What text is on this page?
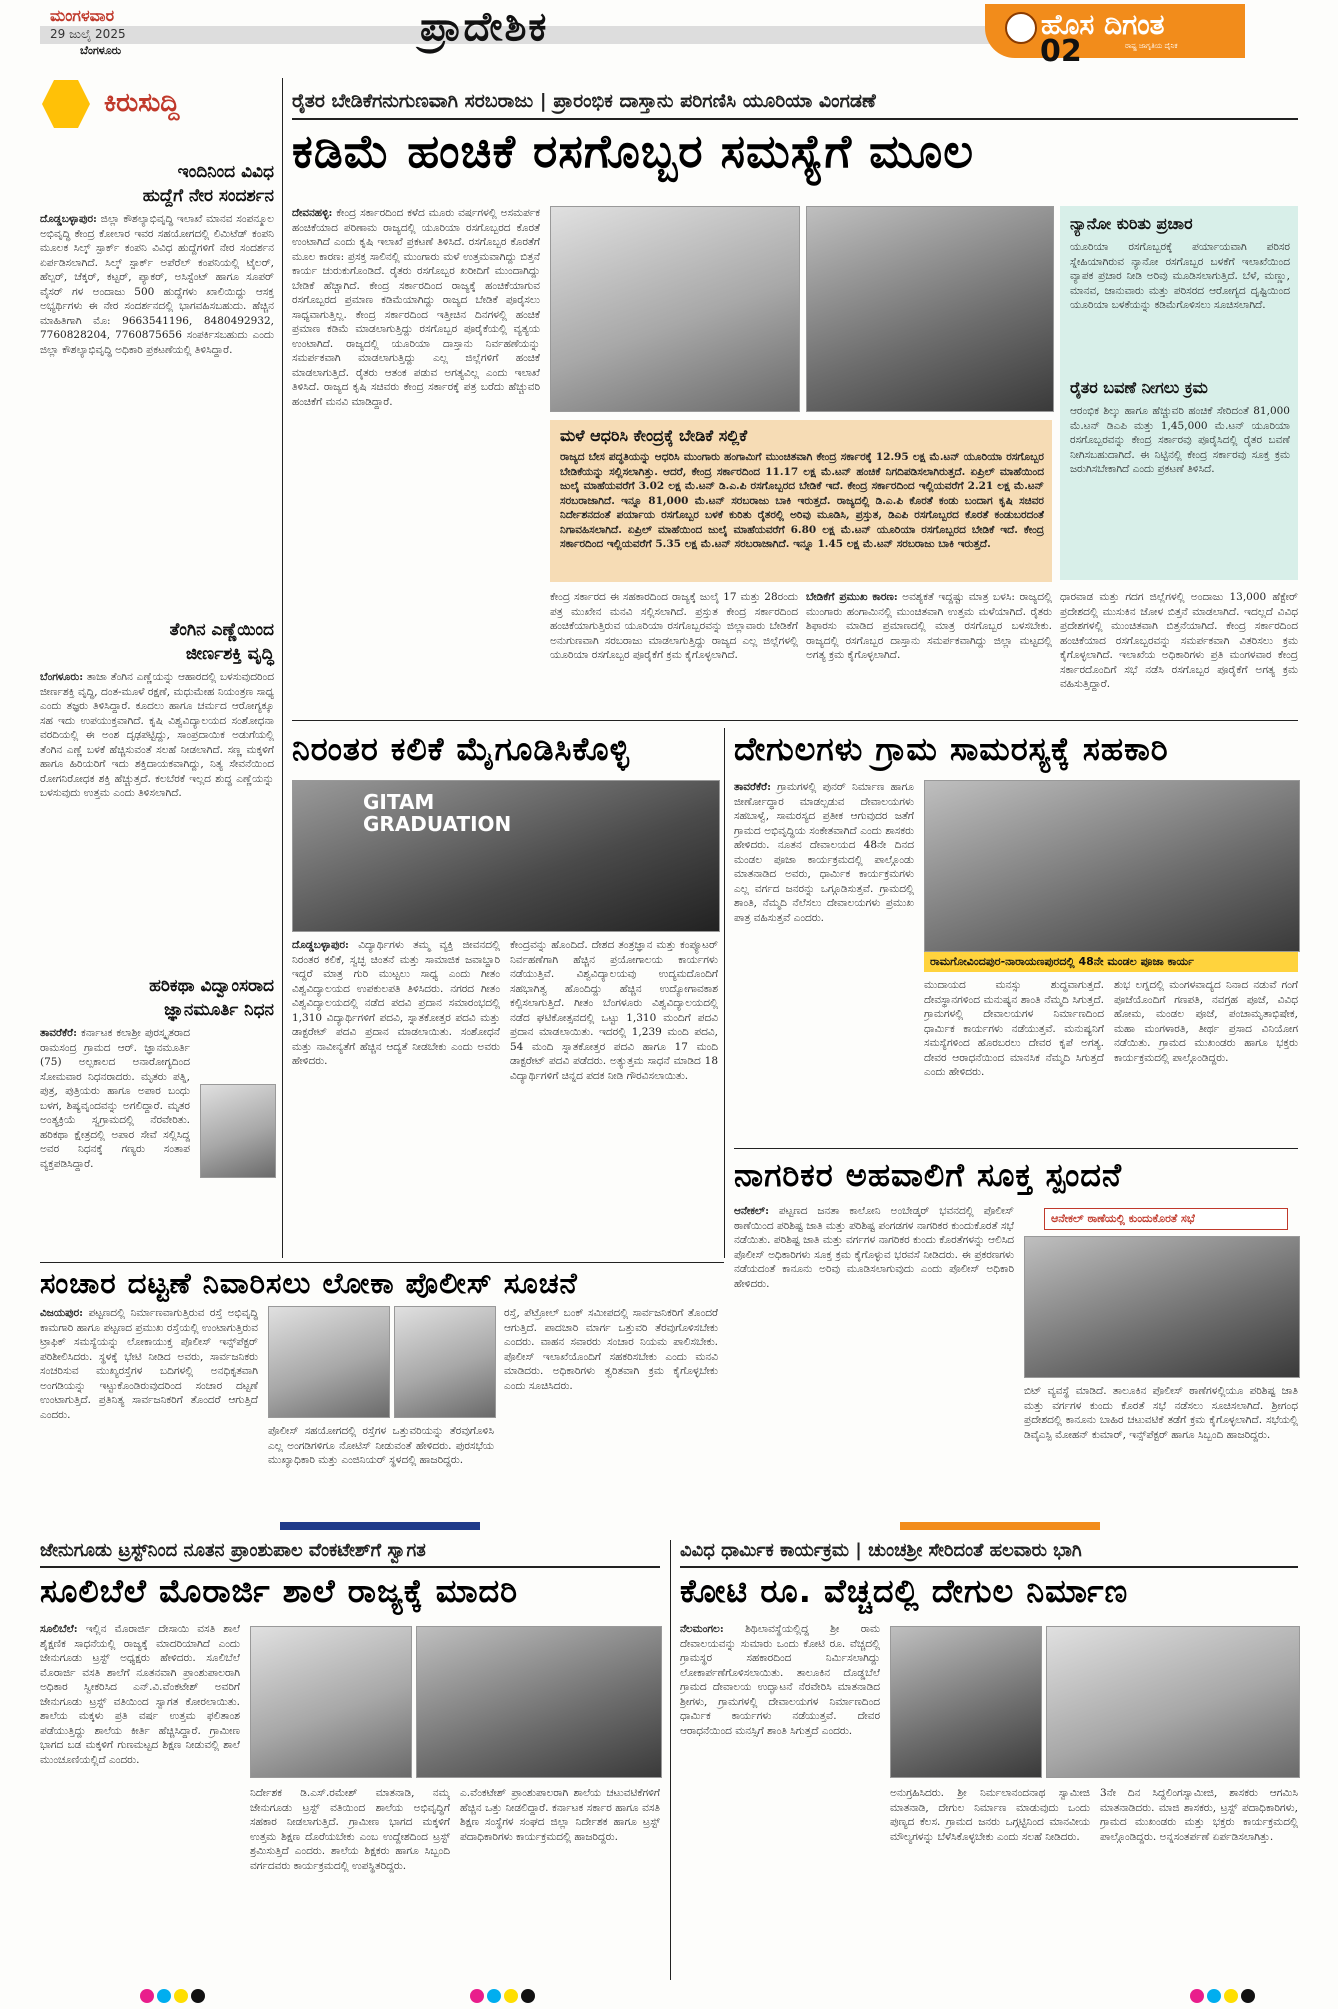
ಮಂಗಳವಾರ
29 ಜುಲೈ 2025
ಬೆಂಗಳೂರು
ಪ್ರಾದೇಶಿಕ	ಹೊಸ ದಿಗಂತ
ರಾಷ್ಟ್ರ ಜಾಗೃತಿಯ ದೈನಿಕ
02
ಕಿರುಸುದ್ದಿ
ಇಂದಿನಿಂದ ವಿವಿಧ
ಹುದ್ದೆಗೆ ನೇರ ಸಂದರ್ಶನ
ದೊಡ್ಡಬಳ್ಳಾಪುರ: ಜಿಲ್ಲಾ ಕೌಶಲ್ಯಾಭಿವೃದ್ಧಿ ಇಲಾಖೆ ಮಾನವ ಸಂಪನ್ಮೂಲ ಅಭಿವೃದ್ಧಿ ಕೇಂದ್ರ ಕೋಲಾರ ಇವರ ಸಹಯೋಗದಲ್ಲಿ ಲಿಮಿಟೆಡ್ ಕಂಪನಿ ಮೂಲಕ ಸಿಲ್ಕ್ ಸ್ಪಾರ್ಕ್ ಕಂಪನಿ ವಿವಿಧ ಹುದ್ದೆಗಳಿಗೆ ನೇರ ಸಂದರ್ಶನ ಏರ್ಪಡಿಸಲಾಗಿದೆ. ಸಿಲ್ಕ್ ಸ್ಪಾರ್ಕ್ ಅಪೆರೆಲ್ ಕಂಪನಿಯಲ್ಲಿ ಟೈಲರ್, ಹೆಲ್ಪರ್, ಚೆಕ್ಕರ್, ಕಟ್ಟರ್, ಪ್ಯಾಕರ್, ಅಸಿಸ್ಟೆಂಟ್ ಹಾಗೂ ಸೂಪರ್ ವೈಸರ್ ಗಳ ಅಂದಾಜು 500 ಹುದ್ದೆಗಳು ಖಾಲಿಯಿದ್ದು ಆಸಕ್ತ ಅಭ್ಯರ್ಥಿಗಳು ಈ ನೇರ ಸಂದರ್ಶನದಲ್ಲಿ ಭಾಗವಹಿಸಬಹುದು. ಹೆಚ್ಚಿನ ಮಾಹಿತಿಗಾಗಿ ಮೊ: 9663541196, 8480492932, 7760828204, 7760875656 ಸಂಪರ್ಕಿಸಬಹುದು ಎಂದು ಜಿಲ್ಲಾ ಕೌಶಲ್ಯಾಭಿವೃದ್ಧಿ ಅಧಿಕಾರಿ ಪ್ರಕಟಣೆಯಲ್ಲಿ ತಿಳಿಸಿದ್ದಾರೆ.
ತೆಂಗಿನ ಎಣ್ಣೆಯಿಂದ
ಜೀರ್ಣಶಕ್ತಿ ವೃದ್ಧಿ
ಬೆಂಗಳೂರು: ತಾಜಾ ತೆಂಗಿನ ಎಣ್ಣೆಯನ್ನು ಆಹಾರದಲ್ಲಿ ಬಳಸುವುದರಿಂದ ಜೀರ್ಣಶಕ್ತಿ ವೃದ್ಧಿ, ದಂತ-ಮೂಳೆ ರಕ್ಷಣೆ, ಮಧುಮೇಹ ನಿಯಂತ್ರಣ ಸಾಧ್ಯ ಎಂದು ತಜ್ಞರು ತಿಳಿಸಿದ್ದಾರೆ. ಕೂದಲು ಹಾಗೂ ಚರ್ಮದ ಆರೋಗ್ಯಕ್ಕೂ ಸಹ ಇದು ಉಪಯುಕ್ತವಾಗಿದೆ. ಕೃಷಿ ವಿಶ್ವವಿದ್ಯಾಲಯದ ಸಂಶೋಧನಾ ವರದಿಯಲ್ಲಿ ಈ ಅಂಶ ದೃಢಪಟ್ಟಿದ್ದು, ಸಾಂಪ್ರದಾಯಿಕ ಅಡುಗೆಯಲ್ಲಿ ತೆಂಗಿನ ಎಣ್ಣೆ ಬಳಕೆ ಹೆಚ್ಚಿಸುವಂತೆ ಸಲಹೆ ನೀಡಲಾಗಿದೆ. ಸಣ್ಣ ಮಕ್ಕಳಿಗೆ ಹಾಗೂ ಹಿರಿಯರಿಗೆ ಇದು ಶಕ್ತಿದಾಯಕವಾಗಿದ್ದು, ನಿತ್ಯ ಸೇವನೆಯಿಂದ ರೋಗನಿರೋಧಕ ಶಕ್ತಿ ಹೆಚ್ಚುತ್ತದೆ. ಕಲಬೆರಕೆ ಇಲ್ಲದ ಶುದ್ಧ ಎಣ್ಣೆಯನ್ನು ಬಳಸುವುದು ಉತ್ತಮ ಎಂದು ತಿಳಿಸಲಾಗಿದೆ.
ಹರಿಕಥಾ ವಿದ್ವಾಂಸರಾದ
ಜ್ಞಾನಮೂರ್ತಿ ನಿಧನ
ತಾವರೆಕೆರೆ: ಕರ್ನಾಟಕ ಕಲಾಶ್ರೀ ಪುರಸ್ಕೃತರಾದ ರಾಮಸಂದ್ರ ಗ್ರಾಮದ ಆರ್. ಜ್ಞಾನಮೂರ್ತಿ (75) ಅಲ್ಪಕಾಲದ ಅನಾರೋಗ್ಯದಿಂದ ಸೋಮವಾರ ನಿಧನರಾದರು. ಮೃತರು ಪತ್ನಿ, ಪುತ್ರ, ಪುತ್ರಿಯರು ಹಾಗೂ ಅಪಾರ ಬಂಧು ಬಳಗ, ಶಿಷ್ಯವೃಂದವನ್ನು ಅಗಲಿದ್ದಾರೆ. ಮೃತರ ಅಂತ್ಯಕ್ರಿಯೆ ಸ್ವಗ್ರಾಮದಲ್ಲಿ ನೆರವೇರಿತು. ಹರಿಕಥಾ ಕ್ಷೇತ್ರದಲ್ಲಿ ಅಪಾರ ಸೇವೆ ಸಲ್ಲಿಸಿದ್ದ ಅವರ ನಿಧನಕ್ಕೆ ಗಣ್ಯರು ಸಂತಾಪ ವ್ಯಕ್ತಪಡಿಸಿದ್ದಾರೆ.
ರೈತರ ಬೇಡಿಕೆಗನುಗುಣವಾಗಿ ಸರಬರಾಜು | ಪ್ರಾರಂಭಿಕ ದಾಸ್ತಾನು ಪರಿಗಣಿಸಿ ಯೂರಿಯಾ ವಿಂಗಡಣೆ
ಕಡಿಮೆ ಹಂಚಿಕೆ ರಸಗೊಬ್ಬರ ಸಮಸ್ಯೆಗೆ ಮೂಲ
ದೇವನಹಳ್ಳಿ: ಕೇಂದ್ರ ಸರ್ಕಾರದಿಂದ ಕಳೆದ ಮೂರು ವರ್ಷಗಳಲ್ಲಿ ಅಸಮರ್ಪಕ ಹಂಚಿಕೆಯಾದ ಪರಿಣಾಮ ರಾಜ್ಯದಲ್ಲಿ ಯೂರಿಯಾ ರಸಗೊಬ್ಬರದ ಕೊರತೆ ಉಂಟಾಗಿದೆ ಎಂದು ಕೃಷಿ ಇಲಾಖೆ ಪ್ರಕಟಣೆ ತಿಳಿಸಿದೆ. ರಸಗೊಬ್ಬರ ಕೊರತೆಗೆ ಮೂಲ ಕಾರಣ: ಪ್ರಸಕ್ತ ಸಾಲಿನಲ್ಲಿ ಮುಂಗಾರು ಮಳೆ ಉತ್ತಮವಾಗಿದ್ದು ಬಿತ್ತನೆ ಕಾರ್ಯ ಚುರುಕುಗೊಂಡಿದೆ. ರೈತರು ರಸಗೊಬ್ಬರ ಖರೀದಿಗೆ ಮುಂದಾಗಿದ್ದು ಬೇಡಿಕೆ ಹೆಚ್ಚಾಗಿದೆ. ಕೇಂದ್ರ ಸರ್ಕಾರದಿಂದ ರಾಜ್ಯಕ್ಕೆ ಹಂಚಿಕೆಯಾಗುವ ರಸಗೊಬ್ಬರದ ಪ್ರಮಾಣ ಕಡಿಮೆಯಾಗಿದ್ದು ರಾಜ್ಯದ ಬೇಡಿಕೆ ಪೂರೈಸಲು ಸಾಧ್ಯವಾಗುತ್ತಿಲ್ಲ. ಕೇಂದ್ರ ಸರ್ಕಾರದಿಂದ ಇತ್ತೀಚಿನ ದಿನಗಳಲ್ಲಿ ಹಂಚಿಕೆ ಪ್ರಮಾಣ ಕಡಿಮೆ ಮಾಡಲಾಗುತ್ತಿದ್ದು ರಸಗೊಬ್ಬರ ಪೂರೈಕೆಯಲ್ಲಿ ವ್ಯತ್ಯಯ ಉಂಟಾಗಿದೆ. ರಾಜ್ಯದಲ್ಲಿ ಯೂರಿಯಾ ದಾಸ್ತಾನು ನಿರ್ವಹಣೆಯನ್ನು ಸಮರ್ಪಕವಾಗಿ ಮಾಡಲಾಗುತ್ತಿದ್ದು ಎಲ್ಲ ಜಿಲ್ಲೆಗಳಿಗೆ ಹಂಚಿಕೆ ಮಾಡಲಾಗುತ್ತಿದೆ. ರೈತರು ಆತಂಕ ಪಡುವ ಅಗತ್ಯವಿಲ್ಲ ಎಂದು ಇಲಾಖೆ ತಿಳಿಸಿದೆ. ರಾಜ್ಯದ ಕೃಷಿ ಸಚಿವರು ಕೇಂದ್ರ ಸರ್ಕಾರಕ್ಕೆ ಪತ್ರ ಬರೆದು ಹೆಚ್ಚುವರಿ ಹಂಚಿಕೆಗೆ ಮನವಿ ಮಾಡಿದ್ದಾರೆ.
ನ್ಯಾನೋ ಕುರಿತು ಪ್ರಚಾರ
ಯೂರಿಯಾ ರಸಗೊಬ್ಬರಕ್ಕೆ ಪರ್ಯಾಯವಾಗಿ ಪರಿಸರ ಸ್ನೇಹಿಯಾಗಿರುವ ನ್ಯಾನೋ ರಸಗೊಬ್ಬರ ಬಳಕೆಗೆ ಇಲಾಖೆಯಿಂದ ವ್ಯಾಪಕ ಪ್ರಚಾರ ನೀಡಿ ಅರಿವು ಮೂಡಿಸಲಾಗುತ್ತಿದೆ. ಬೆಳೆ, ಮಣ್ಣು, ಮಾನವ, ಜಾನುವಾರು ಮತ್ತು ಪರಿಸರದ ಆರೋಗ್ಯದ ದೃಷ್ಟಿಯಿಂದ ಯೂರಿಯಾ ಬಳಕೆಯನ್ನು ಕಡಿಮೆಗೊಳಿಸಲು ಸೂಚಿಸಲಾಗಿದೆ.
ರೈತರ ಬವಣೆ ನೀಗಲು ಕ್ರಮ
ಆರಂಭಿಕ ಶಿಲ್ಕು ಹಾಗೂ ಹೆಚ್ಚುವರಿ ಹಂಚಿಕೆ ಸೇರಿದಂತೆ 81,000 ಮೆ.ಟನ್ ಡಿಎಪಿ ಮತ್ತು 1,45,000 ಮೆ.ಟನ್ ಯೂರಿಯಾ ರಸಗೊಬ್ಬರವನ್ನು ಕೇಂದ್ರ ಸರ್ಕಾರವು ಪೂರೈಸಿದಲ್ಲಿ ರೈತರ ಬವಣೆ ನೀಗಿಸಬಹುದಾಗಿದೆ. ಈ ನಿಟ್ಟಿನಲ್ಲಿ ಕೇಂದ್ರ ಸರ್ಕಾರವು ಸೂಕ್ತ ಕ್ರಮ ಜರುಗಿಸಬೇಕಾಗಿದೆ ಎಂದು ಪ್ರಕಟಣೆ ತಿಳಿಸಿದೆ.
ಮಳೆ ಆಧರಿಸಿ ಕೇಂದ್ರಕ್ಕೆ ಬೇಡಿಕೆ ಸಲ್ಲಿಕೆ
ರಾಜ್ಯದ ಬೇಸ ಪದ್ಧತಿಯನ್ನು ಆಧರಿಸಿ ಮುಂಗಾರು ಹಂಗಾಮಿಗೆ ಮುಂಚಿತವಾಗಿ ಕೇಂದ್ರ ಸರ್ಕಾರಕ್ಕೆ 12.95 ಲಕ್ಷ ಮೆ.ಟನ್ ಯೂರಿಯಾ ರಸಗೊಬ್ಬರ ಬೇಡಿಕೆಯನ್ನು ಸಲ್ಲಿಸಲಾಗಿತ್ತು. ಆದರೆ, ಕೇಂದ್ರ ಸರ್ಕಾರದಿಂದ 11.17 ಲಕ್ಷ ಮೆ.ಟನ್ ಹಂಚಿಕೆ ನಿಗದಿಪಡಿಸಲಾಗಿರುತ್ತದೆ. ಏಪ್ರಿಲ್ ಮಾಹೆಯಿಂದ ಜುಲೈ ಮಾಹೆಯವರೆಗೆ 3.02 ಲಕ್ಷ ಮೆ.ಟನ್ ಡಿ.ಎ.ಪಿ ರಸಗೊಬ್ಬರದ ಬೇಡಿಕೆ ಇದೆ. ಕೇಂದ್ರ ಸರ್ಕಾರದಿಂದ ಇಲ್ಲಿಯವರೆಗೆ 2.21 ಲಕ್ಷ ಮೆ.ಟನ್ ಸರಬರಾಜಾಗಿದೆ. ಇನ್ನೂ 81,000 ಮೆ.ಟನ್ ಸರಬರಾಜು ಬಾಕಿ ಇರುತ್ತದೆ. ರಾಜ್ಯದಲ್ಲಿ ಡಿ.ಎ.ಪಿ ಕೊರತೆ ಕಂಡು ಬಂದಾಗ ಕೃಷಿ ಸಚಿವರ ನಿರ್ದೇಶನದಂತೆ ಪರ್ಯಾಯ ರಸಗೊಬ್ಬರ ಬಳಕೆ ಕುರಿತು ರೈತರಲ್ಲಿ ಅರಿವು ಮೂಡಿಸಿ, ಪ್ರಸ್ತುತ, ಡಿಎಪಿ ರಸಗೊಬ್ಬರದ ಕೊರತೆ ಕಂಡುಬರದಂತೆ ನಿಗಾವಹಿಸಲಾಗಿದೆ. ಏಪ್ರಿಲ್ ಮಾಹೆಯಿಂದ ಜುಲೈ ಮಾಹೆಯವರೆಗೆ 6.80 ಲಕ್ಷ ಮೆ.ಟನ್ ಯೂರಿಯಾ ರಸಗೊಬ್ಬರದ ಬೇಡಿಕೆ ಇದೆ. ಕೇಂದ್ರ ಸರ್ಕಾರದಿಂದ ಇಲ್ಲಿಯವರೆಗೆ 5.35 ಲಕ್ಷ ಮೆ.ಟನ್ ಸರಬರಾಜಾಗಿದೆ. ಇನ್ನೂ 1.45 ಲಕ್ಷ ಮೆ.ಟನ್ ಸರಬರಾಜು ಬಾಕಿ ಇರುತ್ತದೆ.
ಕೇಂದ್ರ ಸರ್ಕಾರದ ಈ ಸಹಕಾರದಿಂದ ರಾಜ್ಯಕ್ಕೆ ಜುಲೈ 17 ಮತ್ತು 28ರಂದು ಪತ್ರ ಮುಖೇನ ಮನವಿ ಸಲ್ಲಿಸಲಾಗಿದೆ. ಪ್ರಸ್ತುತ ಕೇಂದ್ರ ಸರ್ಕಾರದಿಂದ ಹಂಚಿಕೆಯಾಗುತ್ತಿರುವ ಯೂರಿಯಾ ರಸಗೊಬ್ಬರವನ್ನು ಜಿಲ್ಲಾವಾರು ಬೇಡಿಕೆಗೆ ಅನುಗುಣವಾಗಿ ಸರಬರಾಜು ಮಾಡಲಾಗುತ್ತಿದ್ದು ರಾಜ್ಯದ ಎಲ್ಲ ಜಿಲ್ಲೆಗಳಲ್ಲಿ ಯೂರಿಯಾ ರಸಗೊಬ್ಬರ ಪೂರೈಕೆಗೆ ಕ್ರಮ ಕೈಗೊಳ್ಳಲಾಗಿದೆ.
ಬೇಡಿಕೆಗೆ ಪ್ರಮುಖ ಕಾರಣ: ಅವಶ್ಯಕತೆ ಇದ್ದಷ್ಟು ಮಾತ್ರ ಬಳಸಿ: ರಾಜ್ಯದಲ್ಲಿ ಮುಂಗಾರು ಹಂಗಾಮಿನಲ್ಲಿ ಮುಂಚಿತವಾಗಿ ಉತ್ತಮ ಮಳೆಯಾಗಿದೆ. ರೈತರು ಶಿಫಾರಸು ಮಾಡಿದ ಪ್ರಮಾಣದಲ್ಲಿ ಮಾತ್ರ ರಸಗೊಬ್ಬರ ಬಳಸಬೇಕು. ರಾಜ್ಯದಲ್ಲಿ ರಸಗೊಬ್ಬರ ದಾಸ್ತಾನು ಸಮರ್ಪಕವಾಗಿದ್ದು ಜಿಲ್ಲಾ ಮಟ್ಟದಲ್ಲಿ ಅಗತ್ಯ ಕ್ರಮ ಕೈಗೊಳ್ಳಲಾಗಿದೆ.
ಧಾರವಾಡ ಮತ್ತು ಗದಗ ಜಿಲ್ಲೆಗಳಲ್ಲಿ ಅಂದಾಜು 13,000 ಹೆಕ್ಟೇರ್ ಪ್ರದೇಶದಲ್ಲಿ ಮುಸುಕಿನ ಜೋಳ ಬಿತ್ತನೆ ಮಾಡಲಾಗಿದೆ. ಇದಲ್ಲದೆ ವಿವಿಧ ಪ್ರದೇಶಗಳಲ್ಲಿ ಮುಂಚಿತವಾಗಿ ಬಿತ್ತನೆಯಾಗಿದೆ. ಕೇಂದ್ರ ಸರ್ಕಾರದಿಂದ ಹಂಚಿಕೆಯಾದ ರಸಗೊಬ್ಬರವನ್ನು ಸಮರ್ಪಕವಾಗಿ ವಿತರಿಸಲು ಕ್ರಮ ಕೈಗೊಳ್ಳಲಾಗಿದೆ. ಇಲಾಖೆಯ ಅಧಿಕಾರಿಗಳು ಪ್ರತಿ ಮಂಗಳವಾರ ಕೇಂದ್ರ ಸರ್ಕಾರದೊಂದಿಗೆ ಸಭೆ ನಡೆಸಿ ರಸಗೊಬ್ಬರ ಪೂರೈಕೆಗೆ ಅಗತ್ಯ ಕ್ರಮ ವಹಿಸುತ್ತಿದ್ದಾರೆ.
ನಿರಂತರ ಕಲಿಕೆ ಮೈಗೂಡಿಸಿಕೊಳ್ಳಿ
GITAM GRADUATION
ದೊಡ್ಡಬಳ್ಳಾಪುರ: ವಿದ್ಯಾರ್ಥಿಗಳು ತಮ್ಮ ವ್ಯಕ್ತಿ ಜೀವನದಲ್ಲಿ ನಿರಂತರ ಕಲಿಕೆ, ಸ್ವಚ್ಛ ಚಿಂತನೆ ಮತ್ತು ಸಾಮಾಜಿಕ ಜವಾಬ್ದಾರಿ ಇದ್ದರೆ ಮಾತ್ರ ಗುರಿ ಮುಟ್ಟಲು ಸಾಧ್ಯ ಎಂದು ಗೀತಂ ವಿಶ್ವವಿದ್ಯಾಲಯದ ಉಪಕುಲಪತಿ ತಿಳಿಸಿದರು. ನಗರದ ಗೀತಂ ವಿಶ್ವವಿದ್ಯಾಲಯದಲ್ಲಿ ನಡೆದ ಪದವಿ ಪ್ರದಾನ ಸಮಾರಂಭದಲ್ಲಿ 1,310 ವಿದ್ಯಾರ್ಥಿಗಳಿಗೆ ಪದವಿ, ಸ್ನಾತಕೋತ್ತರ ಪದವಿ ಮತ್ತು ಡಾಕ್ಟರೇಟ್ ಪದವಿ ಪ್ರದಾನ ಮಾಡಲಾಯಿತು. ಸಂಶೋಧನೆ ಮತ್ತು ನಾವೀನ್ಯತೆಗೆ ಹೆಚ್ಚಿನ ಆದ್ಯತೆ ನೀಡಬೇಕು ಎಂದು ಅವರು ಹೇಳಿದರು.
ಕೇಂದ್ರವನ್ನು ಹೊಂದಿದೆ. ದೇಶದ ತಂತ್ರಜ್ಞಾನ ಮತ್ತು ಕಂಪ್ಯೂಟರ್ ನಿರ್ವಹಣೆಗಾಗಿ ಹೆಚ್ಚಿನ ಪ್ರಯೋಗಾಲಯ ಕಾರ್ಯಗಳು ನಡೆಯುತ್ತಿವೆ. ವಿಶ್ವವಿದ್ಯಾಲಯವು ಉದ್ಯಮದೊಂದಿಗೆ ಸಹಭಾಗಿತ್ವ ಹೊಂದಿದ್ದು ಹೆಚ್ಚಿನ ಉದ್ಯೋಗಾವಕಾಶ ಕಲ್ಪಿಸಲಾಗುತ್ತಿದೆ. ಗೀತಂ ಬೆಂಗಳೂರು ವಿಶ್ವವಿದ್ಯಾಲಯದಲ್ಲಿ ನಡೆದ ಘಟಿಕೋತ್ಸವದಲ್ಲಿ ಒಟ್ಟು 1,310 ಮಂದಿಗೆ ಪದವಿ ಪ್ರದಾನ ಮಾಡಲಾಯಿತು. ಇದರಲ್ಲಿ 1,239 ಮಂದಿ ಪದವಿ, 54 ಮಂದಿ ಸ್ನಾತಕೋತ್ತರ ಪದವಿ ಹಾಗೂ 17 ಮಂದಿ ಡಾಕ್ಟರೇಟ್ ಪದವಿ ಪಡೆದರು. ಅತ್ಯುತ್ತಮ ಸಾಧನೆ ಮಾಡಿದ 18 ವಿದ್ಯಾರ್ಥಿಗಳಿಗೆ ಚಿನ್ನದ ಪದಕ ನೀಡಿ ಗೌರವಿಸಲಾಯಿತು.
ದೇಗುಲಗಳು ಗ್ರಾಮ ಸಾಮರಸ್ಯಕ್ಕೆ ಸಹಕಾರಿ
ತಾವರೆಕೆರೆ: ಗ್ರಾಮಗಳಲ್ಲಿ ಪುನರ್ ನಿರ್ಮಾಣ ಹಾಗೂ ಜೀರ್ಣೋದ್ಧಾರ ಮಾಡಲ್ಪಡುವ ದೇವಾಲಯಗಳು ಸಹಬಾಳ್ವೆ, ಸಾಮರಸ್ಯದ ಪ್ರತೀಕ ಆಗುವುದರ ಜತೆಗೆ ಗ್ರಾಮದ ಅಭಿವೃದ್ಧಿಯ ಸಂಕೇತವಾಗಿದೆ ಎಂದು ಶಾಸಕರು ಹೇಳಿದರು. ನೂತನ ದೇವಾಲಯದ 48ನೇ ದಿನದ ಮಂಡಲ ಪೂಜಾ ಕಾರ್ಯಕ್ರಮದಲ್ಲಿ ಪಾಲ್ಗೊಂಡು ಮಾತನಾಡಿದ ಅವರು, ಧಾರ್ಮಿಕ ಕಾರ್ಯಕ್ರಮಗಳು ಎಲ್ಲ ವರ್ಗದ ಜನರನ್ನು ಒಗ್ಗೂಡಿಸುತ್ತವೆ. ಗ್ರಾಮದಲ್ಲಿ ಶಾಂತಿ, ನೆಮ್ಮದಿ ನೆಲೆಸಲು ದೇವಾಲಯಗಳು ಪ್ರಮುಖ ಪಾತ್ರ ವಹಿಸುತ್ತವೆ ಎಂದರು.
ರಾಮಗೋವಿಂದಪುರ-ನಾರಾಯಣಪುರದಲ್ಲಿ 48ನೇ ಮಂಡಲ ಪೂಜಾ ಕಾರ್ಯ
ಮುದಾಯದ ಮನಸ್ಸು ಶುದ್ಧವಾಗುತ್ತದೆ. ದೇವಸ್ಥಾನಗಳಿಂದ ಮನುಷ್ಯನ ಶಾಂತಿ ನೆಮ್ಮದಿ ಸಿಗುತ್ತದೆ. ಗ್ರಾಮಗಳಲ್ಲಿ ದೇವಾಲಯಗಳ ನಿರ್ಮಾಣದಿಂದ ಧಾರ್ಮಿಕ ಕಾರ್ಯಗಳು ನಡೆಯುತ್ತವೆ. ಮನುಷ್ಯನಿಗೆ ಸಮಸ್ಯೆಗಳಿಂದ ಹೊರಬರಲು ದೇವರ ಕೃಪೆ ಅಗತ್ಯ. ದೇವರ ಆರಾಧನೆಯಿಂದ ಮಾನಸಿಕ ನೆಮ್ಮದಿ ಸಿಗುತ್ತದೆ ಎಂದು ಹೇಳಿದರು.
ಶುಭ ಲಗ್ನದಲ್ಲಿ ಮಂಗಳವಾದ್ಯದ ನಿನಾದ ನಡುವೆ ಗಂಗೆ ಪೂಜೆಯೊಂದಿಗೆ ಗಣಪತಿ, ನವಗ್ರಹ ಪೂಜೆ, ವಿವಿಧ ಹೋಮ, ಮಂಡಲ ಪೂಜೆ, ಪಂಚಾಮೃತಾಭಿಷೇಕ, ಮಹಾ ಮಂಗಳಾರತಿ, ತೀರ್ಥ ಪ್ರಸಾದ ವಿನಿಯೋಗ ನಡೆಯಿತು. ಗ್ರಾಮದ ಮುಖಂಡರು ಹಾಗೂ ಭಕ್ತರು ಕಾರ್ಯಕ್ರಮದಲ್ಲಿ ಪಾಲ್ಗೊಂಡಿದ್ದರು.
ನಾಗರಿಕರ ಅಹವಾಲಿಗೆ ಸೂಕ್ತ ಸ್ಪಂದನೆ
ಆನೇಕಲ್: ಪಟ್ಟಣದ ಜನತಾ ಕಾಲೋನಿ ಅಂಬೇಡ್ಕರ್ ಭವನದಲ್ಲಿ ಪೊಲೀಸ್ ಠಾಣೆಯಿಂದ ಪರಿಶಿಷ್ಟ ಜಾತಿ ಮತ್ತು ಪರಿಶಿಷ್ಟ ಪಂಗಡಗಳ ನಾಗರಿಕರ ಕುಂದುಕೊರತೆ ಸಭೆ ನಡೆಯಿತು. ಪರಿಶಿಷ್ಟ ಜಾತಿ ಮತ್ತು ವರ್ಗಗಳ ನಾಗರಿಕರ ಕುಂದು ಕೊರತೆಗಳನ್ನು ಆಲಿಸಿದ ಪೊಲೀಸ್ ಅಧಿಕಾರಿಗಳು ಸೂಕ್ತ ಕ್ರಮ ಕೈಗೊಳ್ಳುವ ಭರವಸೆ ನೀಡಿದರು. ಈ ಪ್ರಕರಣಗಳು ನಡೆಯದಂತೆ ಕಾನೂನು ಅರಿವು ಮೂಡಿಸಲಾಗುವುದು ಎಂದು ಪೊಲೀಸ್ ಅಧಿಕಾರಿ ಹೇಳಿದರು.
ಆನೇಕಲ್ ಠಾಣೆಯಲ್ಲಿ ಕುಂದುಕೊರತೆ ಸಭೆ
ಬಿಟ್ ವ್ಯವಸ್ಥೆ ಮಾಡಿದೆ. ತಾಲೂಕಿನ ಪೊಲೀಸ್ ಠಾಣೆಗಳಲ್ಲಿಯೂ ಪರಿಶಿಷ್ಟ ಜಾತಿ ಮತ್ತು ವರ್ಗಗಳ ಕುಂದು ಕೊರತೆ ಸಭೆ ನಡೆಸಲು ಸೂಚಿಸಲಾಗಿದೆ. ಶ್ರೀಗಂಧ ಪ್ರದೇಶದಲ್ಲಿ ಕಾನೂನು ಬಾಹಿರ ಚಟುವಟಿಕೆ ತಡೆಗೆ ಕ್ರಮ ಕೈಗೊಳ್ಳಲಾಗಿದೆ. ಸಭೆಯಲ್ಲಿ ಡಿವೈಎಸ್ಪಿ ಮೋಹನ್ ಕುಮಾರ್, ಇನ್ಸ್‌ಪೆಕ್ಟರ್ ಹಾಗೂ ಸಿಬ್ಬಂದಿ ಹಾಜರಿದ್ದರು.
ಸಂಚಾರ ದಟ್ಟಣೆ ನಿವಾರಿಸಲು ಲೋಕಾ ಪೊಲೀಸ್ ಸೂಚನೆ
ವಿಜಯಪುರ: ಪಟ್ಟಣದಲ್ಲಿ ನಿರ್ಮಾಣವಾಗುತ್ತಿರುವ ರಸ್ತೆ ಅಭಿವೃದ್ಧಿ ಕಾಮಗಾರಿ ಹಾಗೂ ಪಟ್ಟಣದ ಪ್ರಮುಖ ರಸ್ತೆಯಲ್ಲಿ ಉಂಟಾಗುತ್ತಿರುವ ಟ್ರಾಫಿಕ್ ಸಮಸ್ಯೆಯನ್ನು ಲೋಕಾಯುಕ್ತ ಪೊಲೀಸ್ ಇನ್ಸ್‌ಪೆಕ್ಟರ್ ಪರಿಶೀಲಿಸಿದರು. ಸ್ಥಳಕ್ಕೆ ಭೇಟಿ ನೀಡಿದ ಅವರು, ಸಾರ್ವಜನಿಕರು ಸಂಚರಿಸುವ ಮುಖ್ಯರಸ್ತೆಗಳ ಬದಿಗಳಲ್ಲಿ ಅನಧಿಕೃತವಾಗಿ ಅಂಗಡಿಯನ್ನು ಇಟ್ಟುಕೊಂಡಿರುವುದರಿಂದ ಸಂಚಾರ ದಟ್ಟಣೆ ಉಂಟಾಗುತ್ತಿದೆ. ಪ್ರತಿನಿತ್ಯ ಸಾರ್ವಜನಿಕರಿಗೆ ತೊಂದರೆ ಆಗುತ್ತಿದೆ ಎಂದರು.
ಪೊಲೀಸ್ ಸಹಯೋಗದಲ್ಲಿ ರಸ್ತೆಗಳ ಒತ್ತುವರಿಯನ್ನು ತೆರವುಗೊಳಿಸಿ ಎಲ್ಲ ಅಂಗಡಿಗಳಿಗೂ ನೋಟಿಸ್ ನೀಡುವಂತೆ ಹೇಳಿದರು. ಪುರಸಭೆಯ ಮುಖ್ಯಾಧಿಕಾರಿ ಮತ್ತು ಎಂಜಿನಿಯರ್ ಸ್ಥಳದಲ್ಲಿ ಹಾಜರಿದ್ದರು.
ರಸ್ತೆ, ಪೆಟ್ರೋಲ್ ಬಂಕ್ ಸಮೀಪದಲ್ಲಿ ಸಾರ್ವಜನಿಕರಿಗೆ ತೊಂದರೆ ಆಗುತ್ತಿದೆ. ಪಾದಚಾರಿ ಮಾರ್ಗ ಒತ್ತುವರಿ ತೆರವುಗೊಳಿಸಬೇಕು ಎಂದರು. ವಾಹನ ಸವಾರರು ಸಂಚಾರ ನಿಯಮ ಪಾಲಿಸಬೇಕು. ಪೊಲೀಸ್ ಇಲಾಖೆಯೊಂದಿಗೆ ಸಹಕರಿಸಬೇಕು ಎಂದು ಮನವಿ ಮಾಡಿದರು. ಅಧಿಕಾರಿಗಳು ತ್ವರಿತವಾಗಿ ಕ್ರಮ ಕೈಗೊಳ್ಳಬೇಕು ಎಂದು ಸೂಚಿಸಿದರು.
ಜೇನುಗೂಡು ಟ್ರಸ್ಟ್‌ನಿಂದ ನೂತನ ಪ್ರಾಂಶುಪಾಲ ವೆಂಕಟೇಶ್‌ಗೆ ಸ್ವಾಗತ
ಸೂಲಿಬೆಲೆ ಮೊರಾರ್ಜಿ ಶಾಲೆ ರಾಜ್ಯಕ್ಕೆ ಮಾದರಿ
ಸೂಲಿಬೆಲೆ: ಇಲ್ಲಿನ ಮೊರಾರ್ಜಿ ದೇಸಾಯಿ ವಸತಿ ಶಾಲೆ ಶೈಕ್ಷಣಿಕ ಸಾಧನೆಯಲ್ಲಿ ರಾಜ್ಯಕ್ಕೆ ಮಾದರಿಯಾಗಿದೆ ಎಂದು ಜೇನುಗೂಡು ಟ್ರಸ್ಟ್ ಅಧ್ಯಕ್ಷರು ಹೇಳಿದರು. ಸೂಲಿಬೆಲೆ ಮೊರಾರ್ಜಿ ವಸತಿ ಶಾಲೆಗೆ ನೂತನವಾಗಿ ಪ್ರಾಂಶುಪಾಲರಾಗಿ ಅಧಿಕಾರ ಸ್ವೀಕರಿಸಿದ ಎನ್.ವಿ.ವೆಂಕಟೇಶ್ ಅವರಿಗೆ ಜೇನುಗೂಡು ಟ್ರಸ್ಟ್ ವತಿಯಿಂದ ಸ್ವಾಗತ ಕೋರಲಾಯಿತು. ಶಾಲೆಯ ಮಕ್ಕಳು ಪ್ರತಿ ವರ್ಷ ಉತ್ತಮ ಫಲಿತಾಂಶ ಪಡೆಯುತ್ತಿದ್ದು ಶಾಲೆಯ ಕೀರ್ತಿ ಹೆಚ್ಚಿಸಿದ್ದಾರೆ. ಗ್ರಾಮೀಣ ಭಾಗದ ಬಡ ಮಕ್ಕಳಿಗೆ ಗುಣಮಟ್ಟದ ಶಿಕ್ಷಣ ನೀಡುವಲ್ಲಿ ಶಾಲೆ ಮುಂಚೂಣಿಯಲ್ಲಿದೆ ಎಂದರು.
ನಿರ್ದೇಶಕ ಡಿ.ಎಸ್.ರಮೇಶ್ ಮಾತನಾಡಿ, ನಮ್ಮ ಜೇನುಗೂಡು ಟ್ರಸ್ಟ್ ವತಿಯಿಂದ ಶಾಲೆಯ ಅಭಿವೃದ್ಧಿಗೆ ಸಹಕಾರ ನೀಡಲಾಗುತ್ತಿದೆ. ಗ್ರಾಮೀಣ ಭಾಗದ ಮಕ್ಕಳಿಗೆ ಉತ್ತಮ ಶಿಕ್ಷಣ ದೊರೆಯಬೇಕು ಎಂಬ ಉದ್ದೇಶದಿಂದ ಟ್ರಸ್ಟ್ ಶ್ರಮಿಸುತ್ತಿದೆ ಎಂದರು. ಶಾಲೆಯ ಶಿಕ್ಷಕರು ಹಾಗೂ ಸಿಬ್ಬಂದಿ ವರ್ಗದವರು ಕಾರ್ಯಕ್ರಮದಲ್ಲಿ ಉಪಸ್ಥಿತರಿದ್ದರು.
ಎ.ವೆಂಕಟೇಶ್ ಪ್ರಾಂಶುಪಾಲರಾಗಿ ಶಾಲೆಯ ಚಟುವಟಿಕೆಗಳಿಗೆ ಹೆಚ್ಚಿನ ಒತ್ತು ನೀಡಲಿದ್ದಾರೆ. ಕರ್ನಾಟಕ ಸರ್ಕಾರ ಹಾಗೂ ವಸತಿ ಶಿಕ್ಷಣ ಸಂಸ್ಥೆಗಳ ಸಂಘದ ಜಿಲ್ಲಾ ನಿರ್ದೇಶಕ ಹಾಗೂ ಟ್ರಸ್ಟ್ ಪದಾಧಿಕಾರಿಗಳು ಕಾರ್ಯಕ್ರಮದಲ್ಲಿ ಹಾಜರಿದ್ದರು.
ವಿವಿಧ ಧಾರ್ಮಿಕ ಕಾರ್ಯಕ್ರಮ | ಚುಂಚಶ್ರೀ ಸೇರಿದಂತೆ ಹಲವಾರು ಭಾಗಿ
ಕೋಟಿ ರೂ. ವೆಚ್ಚದಲ್ಲಿ ದೇಗುಲ ನಿರ್ಮಾಣ
ನೆಲಮಂಗಲ: ಶಿಥಿಲಾವಸ್ಥೆಯಲ್ಲಿದ್ದ ಶ್ರೀ ರಾಮ ದೇವಾಲಯವನ್ನು ಸುಮಾರು ಒಂದು ಕೋಟಿ ರೂ. ವೆಚ್ಚದಲ್ಲಿ ಗ್ರಾಮಸ್ಥರ ಸಹಕಾರದಿಂದ ನಿರ್ಮಿಸಲಾಗಿದ್ದು ಲೋಕಾರ್ಪಣೆಗೊಳಿಸಲಾಯಿತು. ತಾಲೂಕಿನ ದೊಡ್ಡಬೆಲೆ ಗ್ರಾಮದ ದೇವಾಲಯ ಉದ್ಘಾಟನೆ ನೆರವೇರಿಸಿ ಮಾತನಾಡಿದ ಶ್ರೀಗಳು, ಗ್ರಾಮಗಳಲ್ಲಿ ದೇವಾಲಯಗಳ ನಿರ್ಮಾಣದಿಂದ ಧಾರ್ಮಿಕ ಕಾರ್ಯಗಳು ನಡೆಯುತ್ತವೆ. ದೇವರ ಆರಾಧನೆಯಿಂದ ಮನಸ್ಸಿಗೆ ಶಾಂತಿ ಸಿಗುತ್ತದೆ ಎಂದರು.
ಅನುಗ್ರಹಿಸಿದರು. ಶ್ರೀ ನಿರ್ಮಲಾನಂದನಾಥ ಸ್ವಾಮೀಜಿ ಮಾತನಾಡಿ, ದೇಗುಲ ನಿರ್ಮಾಣ ಮಾಡುವುದು ಒಂದು ಪುಣ್ಯದ ಕೆಲಸ. ಗ್ರಾಮದ ಜನರು ಒಗ್ಗಟ್ಟಿನಿಂದ ಮಾನವೀಯ ಮೌಲ್ಯಗಳನ್ನು ಬೆಳೆಸಿಕೊಳ್ಳಬೇಕು ಎಂದು ಸಲಹೆ ನೀಡಿದರು.
3ನೇ ದಿನ ಸಿದ್ದಲಿಂಗಸ್ವಾಮೀಜಿ, ಶಾಸಕರು ಆಗಮಿಸಿ ಮಾತನಾಡಿದರು. ಮಾಜಿ ಶಾಸಕರು, ಟ್ರಸ್ಟ್ ಪದಾಧಿಕಾರಿಗಳು, ಗ್ರಾಮದ ಮುಖಂಡರು ಮತ್ತು ಭಕ್ತರು ಕಾರ್ಯಕ್ರಮದಲ್ಲಿ ಪಾಲ್ಗೊಂಡಿದ್ದರು. ಅನ್ನಸಂತರ್ಪಣೆ ಏರ್ಪಡಿಸಲಾಗಿತ್ತು.
